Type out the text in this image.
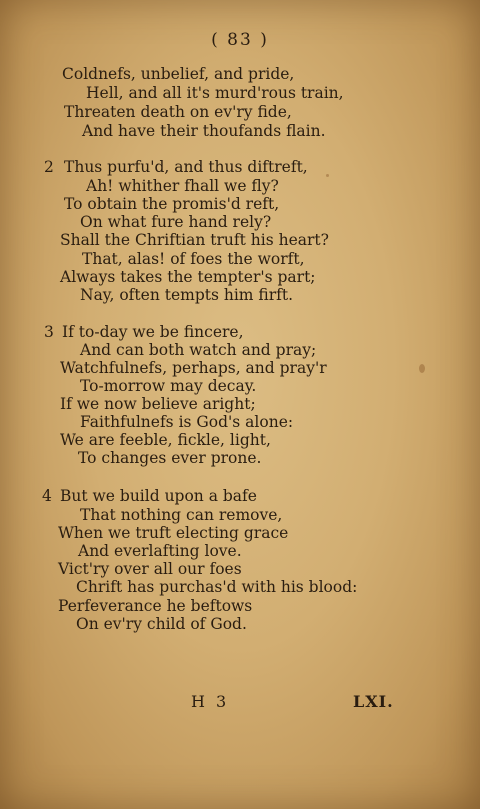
( 83 )
Coldnefs, unbelief, and pride,
Hell, and all it's murd'rous train,
Threaten death on ev'ry fide,
And have their thoufands flain.
2 Thus purfu'd, and thus diftreft,
Ah! whither fhall we fly?
To obtain the promis'd reft,
On what fure hand rely?
Shall the Chriftian truft his heart?
That, alas! of foes the worft,
Always takes the tempter's part;
Nay, often tempts him firft.
3 If to-day we be fincere,
And can both watch and pray;
Watchfulnefs, perhaps, and pray'r
To-morrow may decay.
If we now believe aright;
Faithfulnefs is God's alone:
We are feeble, fickle, light,
To changes ever prone.
4 But we build upon a bafe
That nothing can remove,
When we truft electing grace
And everlafting love.
Vict'ry over all our foes
Chrift has purchas'd with his blood:
Perfeverance he beftows
On ev'ry child of God.
H 3	LXI.
